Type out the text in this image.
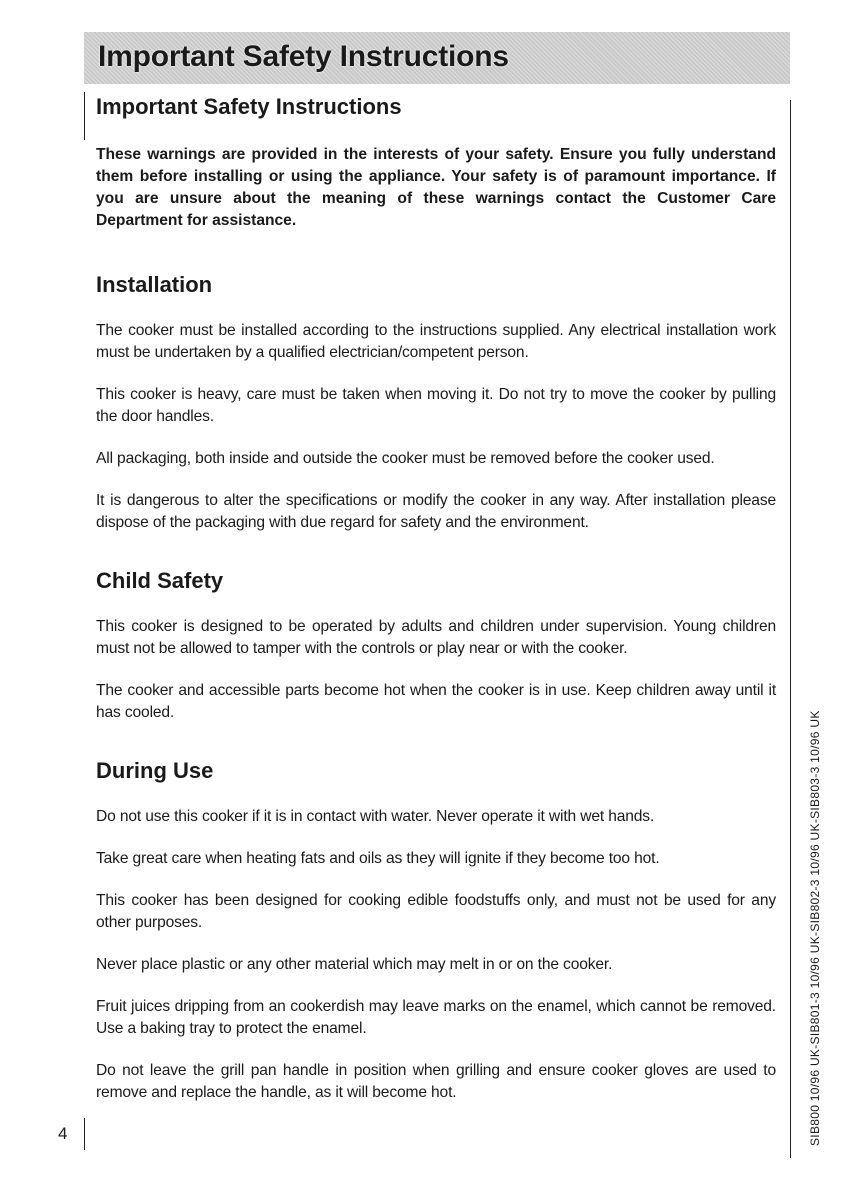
Important Safety Instructions
Important Safety Instructions
These warnings are provided in the interests of your safety. Ensure you fully understand them before installing or using the appliance. Your safety is of paramount importance. If you are unsure about the meaning of these warnings contact the Customer Care Department for assistance.
Installation
The cooker must be installed according to the instructions supplied. Any electrical installation work must be undertaken by a qualified electrician/competent person.
This cooker is heavy, care must be taken when moving it. Do not try to move the cooker by pulling the door handles.
All packaging, both inside and outside the cooker must be removed before the cooker used.
It is dangerous to alter the specifications or modify the cooker in any way. After installation please dispose of the packaging with due regard for safety and the environment.
Child Safety
This cooker is designed to be operated by adults and children under supervision. Young children must not be allowed to tamper with the controls or play near or with the cooker.
The cooker and accessible parts become hot when the cooker is in use. Keep children away until it has cooled.
During Use
Do not use this cooker if it is in contact with water. Never operate it with wet hands.
Take great care when heating fats and oils as they will ignite if they become too hot.
This cooker has been designed for cooking edible foodstuffs only, and must not be used for any other purposes.
Never place plastic or any other material which may melt in or on the cooker.
Fruit juices dripping from an cookerdish may leave marks on the enamel, which cannot be removed. Use a baking tray to protect the enamel.
Do not leave the grill pan handle in position when grilling and ensure cooker gloves are used to remove and replace the handle, as it will become hot.
4	SIB800 10/96 UK-SIB801-3 10/96 UK-SIB802-3 10/96 UK-SIB803-3 10/96 UK
